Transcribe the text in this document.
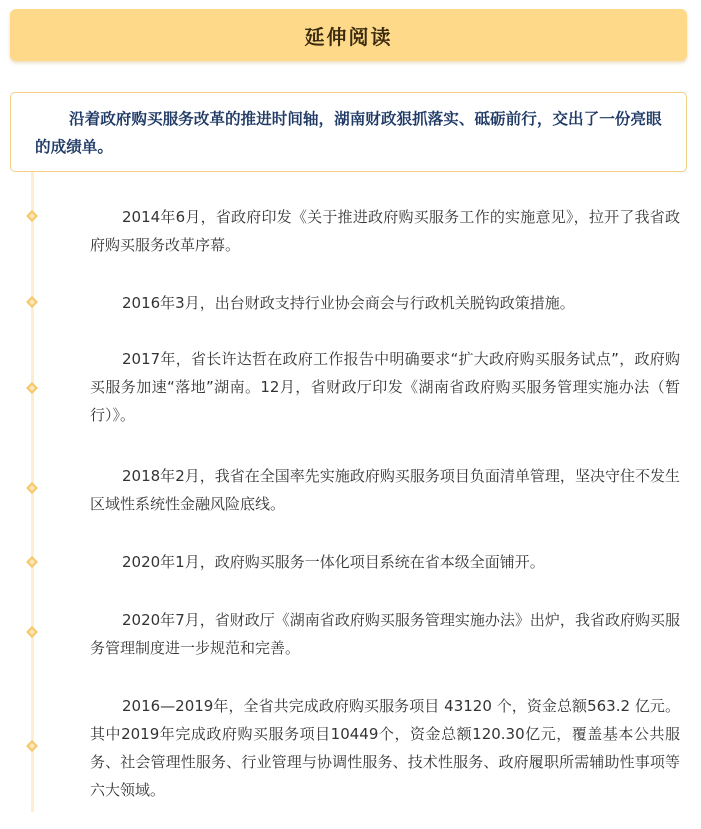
延伸阅读
沿着政府购买服务改革的推进时间轴，湖南财政狠抓落实、砥砺前行，交出了一份亮眼的成绩单。
2014年6月，省政府印发《关于推进政府购买服务工作的实施意见》，拉开了我省政府购买服务改革序幕。
2016年3月，出台财政支持行业协会商会与行政机关脱钩政策措施。
2017年，省长许达哲在政府工作报告中明确要求“扩大政府购买服务试点”，政府购买服务加速“落地”湖南。12月，省财政厅印发《湖南省政府购买服务管理实施办法（暂行）》。
2018年2月，我省在全国率先实施政府购买服务项目负面清单管理，坚决守住不发生区域性系统性金融风险底线。
2020年1月，政府购买服务一体化项目系统在省本级全面铺开。
2020年7月，省财政厅《湖南省政府购买服务管理实施办法》出炉，我省政府购买服务管理制度进一步规范和完善。
2016—2019年，全省共完成政府购买服务项目 43120 个，资金总额563.2 亿元。其中2019年完成政府购买服务项目10449个，资金总额120.30亿元，覆盖基本公共服务、社会管理性服务、行业管理与协调性服务、技术性服务、政府履职所需辅助性事项等六大领域。
